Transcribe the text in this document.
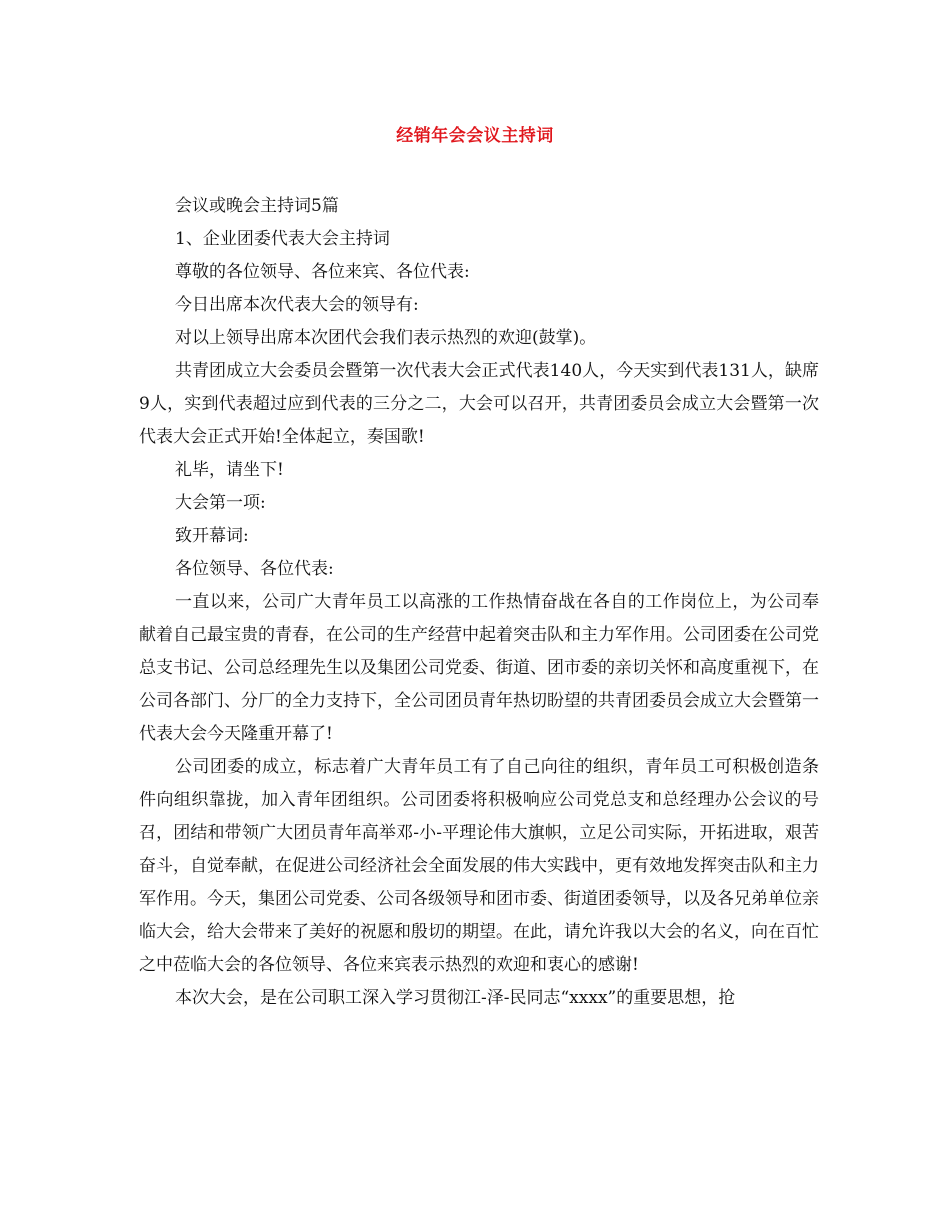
经销年会会议主持词

会议或晚会主持词5篇

1、企业团委代表大会主持词

尊敬的各位领导、各位来宾、各位代表:

今日出席本次代表大会的领导有:

对以上领导出席本次团代会我们表示热烈的欢迎(鼓掌)。

共青团成立大会委员会暨第一次代表大会正式代表140人，今天实到代表131人，缺席9人，实到代表超过应到代表的三分之二，大会可以召开，共青团委员会成立大会暨第一次代表大会正式开始!全体起立，奏国歌!

礼毕，请坐下!

大会第一项:

致开幕词:

各位领导、各位代表:

一直以来，公司广大青年员工以高涨的工作热情奋战在各自的工作岗位上，为公司奉献着自己最宝贵的青春，在公司的生产经营中起着突击队和主力军作用。公司团委在公司党总支书记、公司总经理先生以及集团公司党委、街道、团市委的亲切关怀和高度重视下，在公司各部门、分厂的全力支持下，全公司团员青年热切盼望的共青团委员会成立大会暨第一代表大会今天隆重开幕了!

公司团委的成立，标志着广大青年员工有了自己向往的组织，青年员工可积极创造条件向组织靠拢，加入青年团组织。公司团委将积极响应公司党总支和总经理办公会议的号召，团结和带领广大团员青年高举邓-小-平理论伟大旗帜，立足公司实际，开拓进取，艰苦奋斗，自觉奉献，在促进公司经济社会全面发展的伟大实践中，更有效地发挥突击队和主力军作用。今天，集团公司党委、公司各级领导和团市委、街道团委领导，以及各兄弟单位亲临大会，给大会带来了美好的祝愿和殷切的期望。在此，请允许我以大会的名义，向在百忙之中莅临大会的各位领导、各位来宾表示热烈的欢迎和衷心的感谢!

本次大会，是在公司职工深入学习贯彻江-泽-民同志“xxxx”的重要思想，抢
